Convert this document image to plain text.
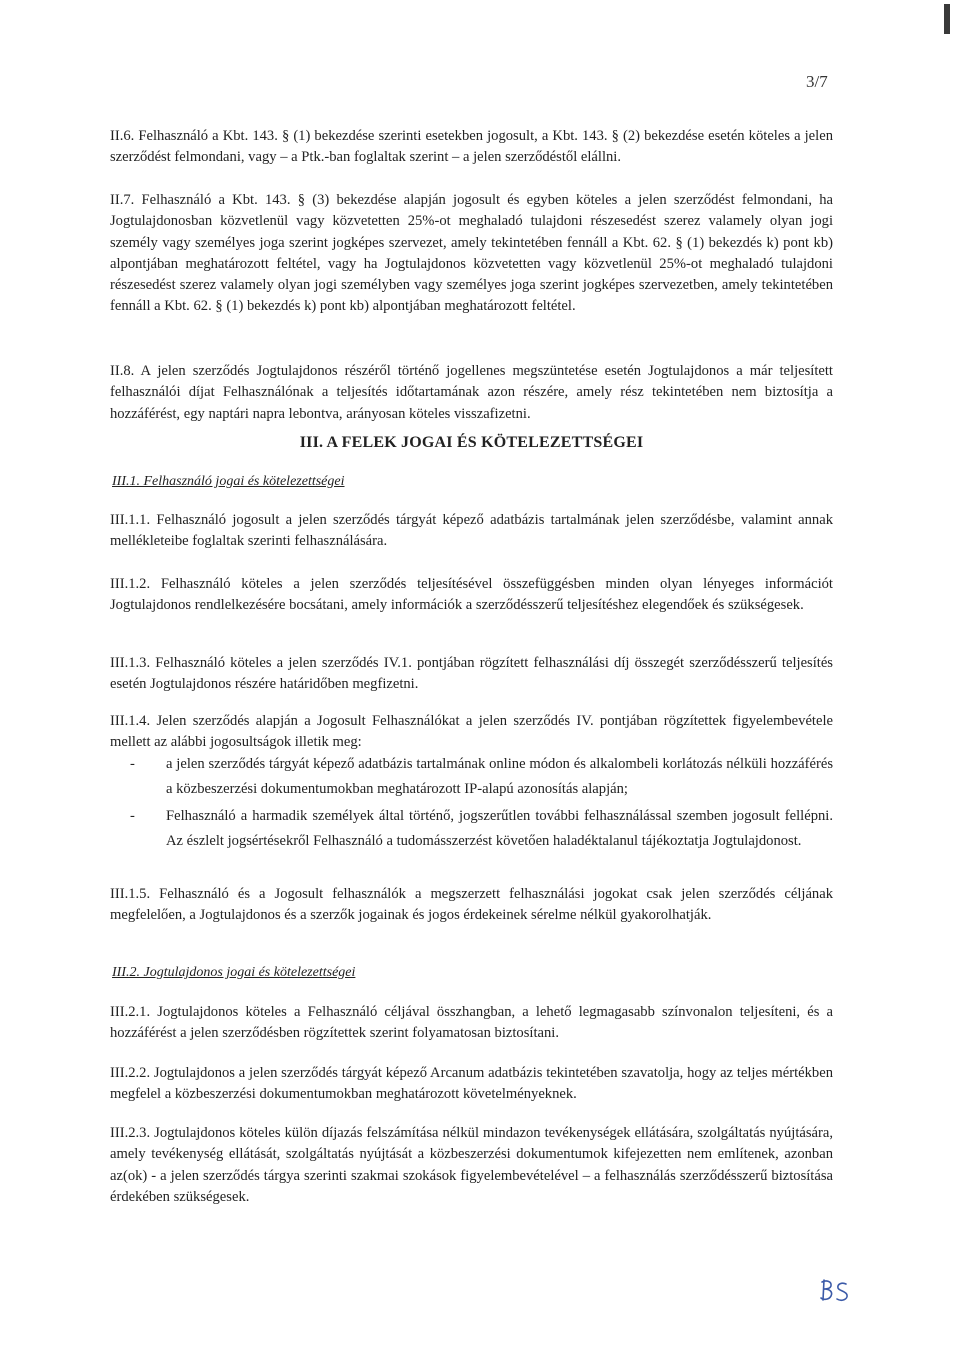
3/7

II.6. Felhasználó a Kbt. 143. § (1) bekezdése szerinti esetekben jogosult, a Kbt. 143. § (2) bekezdése esetén köteles a jelen szerződést felmondani, vagy – a Ptk.-ban foglaltak szerint – a jelen szerződéstől elállni.

II.7. Felhasználó a Kbt. 143. § (3) bekezdése alapján jogosult és egyben köteles a jelen szerződést felmondani, ha Jogtulajdonosban közvetlenül vagy közvetetten 25%-ot meghaladó tulajdoni részesedést szerez valamely olyan jogi személy vagy személyes joga szerint jogképes szervezet, amely tekintetében fennáll a Kbt. 62. § (1) bekezdés k) pont kb) alpontjában meghatározott feltétel, vagy ha Jogtulajdonos közvetetten vagy közvetlenül 25%-ot meghaladó tulajdoni részesedést szerez valamely olyan jogi személyben vagy személyes joga szerint jogképes szervezetben, amely tekintetében fennáll a Kbt. 62. § (1) bekezdés k) pont kb) alpontjában meghatározott feltétel.

II.8. A jelen szerződés Jogtulajdonos részéről történő jogellenes megszüntetése esetén Jogtulajdonos a már teljesített felhasználói díjat Felhasználónak a teljesítés időtartamának azon részére, amely rész tekintetében nem biztosítja a hozzáférést, egy naptári napra lebontva, arányosan köteles visszafizetni.

III. A FELEK JOGAI ÉS KÖTELEZETTSÉGEI
III.1. Felhasználó jogai és kötelezettségei

III.1.1. Felhasználó jogosult a jelen szerződés tárgyát képező adatbázis tartalmának jelen szerződésbe, valamint annak mellékleteibe foglaltak szerinti felhasználására.

III.1.2. Felhasználó köteles a jelen szerződés teljesítésével összefüggésben minden olyan lényeges információt Jogtulajdonos rendlelkezésére bocsátani, amely információk a szerződésszerű teljesítéshez elegendőek és szükségesek.

III.1.3. Felhasználó köteles a jelen szerződés IV.1. pontjában rögzített felhasználási díj összegét szerződésszerű teljesítés esetén Jogtulajdonos részére határidőben megfizetni.

III.1.4. Jelen szerződés alapján a Jogosult Felhasználókat a jelen szerződés IV. pontjában rögzítettek figyelembevétele mellett az alábbi jogosultságok illetik meg:

- a jelen szerződés tárgyát képező adatbázis tartalmának online módon és alkalombeli korlátozás nélküli hozzáférés a közbeszerzési dokumentumokban meghatározott IP-alapú azonosítás alapján;
- Felhasználó a harmadik személyek által történő, jogszerűtlen további felhasználással szemben jogosult fellépni. Az észlelt jogsértésekről Felhasználó a tudomásszerzést követően haladéktalanul tájékoztatja Jogtulajdonost.

III.1.5. Felhasználó és a Jogosult felhasználók a megszerzett felhasználási jogokat csak jelen szerződés céljának megfelelően, a Jogtulajdonos és a szerzők jogainak és jogos érdekeinek sérelme nélkül gyakorolhatják.

III.2. Jogtulajdonos jogai és kötelezettségei

III.2.1. Jogtulajdonos köteles a Felhasználó céljával összhangban, a lehető legmagasabb színvonalon teljesíteni, és a hozzáférést a jelen szerződésben rögzítettek szerint folyamatosan biztosítani.

III.2.2. Jogtulajdonos a jelen szerződés tárgyát képező Arcanum adatbázis tekintetében szavatolja, hogy az teljes mértékben megfelel a közbeszerzési dokumentumokban meghatározott követelményeknek.

III.2.3. Jogtulajdonos köteles külön díjazás felszámítása nélkül mindazon tevékenységek ellátására, szolgáltatás nyújtására, amely tevékenység ellátását, szolgáltatás nyújtását a közbeszerzési dokumentumok kifejezetten nem említenek, azonban az(ok) - a jelen szerződés tárgya szerinti szakmai szokások figyelembevételével – a felhasználás szerződésszerű biztosítása érdekében szükségesek.
